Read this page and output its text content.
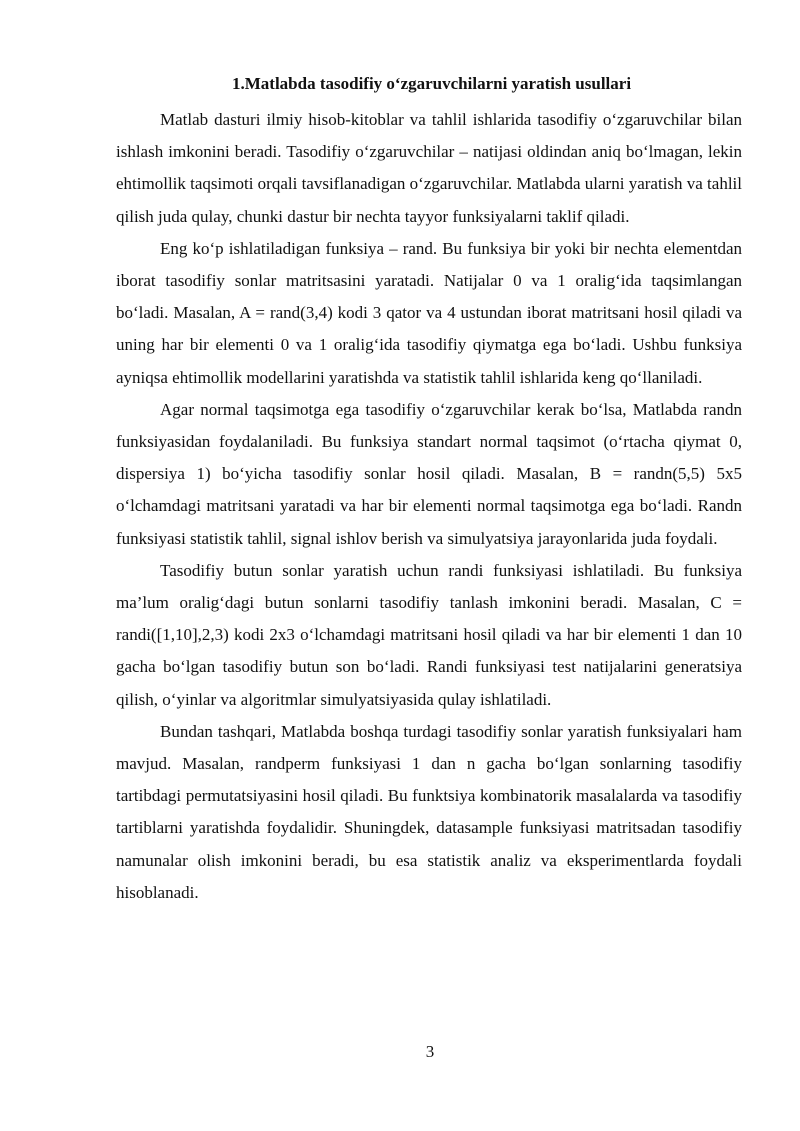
1.Matlabda tasodifiy o‘zgaruvchilarni yaratish usullari

Matlab dasturi ilmiy hisob-kitoblar va tahlil ishlarida tasodifiy o‘zgaruvchilar bilan ishlash imkonini beradi. Tasodifiy o‘zgaruvchilar – natijasi oldindan aniq bo‘lmagan, lekin ehtimollik taqsimoti orqali tavsiflanadigan o‘zgaruvchilar. Matlabda ularni yaratish va tahlil qilish juda qulay, chunki dastur bir nechta tayyor funksiyalarni taklif qiladi.

Eng ko‘p ishlatiladigan funksiya – rand. Bu funksiya bir yoki bir nechta elementdan iborat tasodifiy sonlar matritsasini yaratadi. Natijalar 0 va 1 oralig‘ida taqsimlangan bo‘ladi. Masalan, A = rand(3,4) kodi 3 qator va 4 ustundan iborat matritsani hosil qiladi va uning har bir elementi 0 va 1 oralig‘ida tasodifiy qiymatga ega bo‘ladi. Ushbu funksiya ayniqsa ehtimollik modellarini yaratishda va statistik tahlil ishlarida keng qo‘llaniladi.

Agar normal taqsimotga ega tasodifiy o‘zgaruvchilar kerak bo‘lsa, Matlabda randn funksiyasidan foydalaniladi. Bu funksiya standart normal taqsimot (o‘rtacha qiymat 0, dispersiya 1) bo‘yicha tasodifiy sonlar hosil qiladi. Masalan, B = randn(5,5) 5x5 o‘lchamdagi matritsani yaratadi va har bir elementi normal taqsimotga ega bo‘ladi. Randn funksiyasi statistik tahlil, signal ishlov berish va simulyatsiya jarayonlarida juda foydali.

Tasodifiy butun sonlar yaratish uchun randi funksiyasi ishlatiladi. Bu funksiya ma’lum oralig‘dagi butun sonlarni tasodifiy tanlash imkonini beradi. Masalan, C = randi([1,10],2,3) kodi 2x3 o‘lchamdagi matritsani hosil qiladi va har bir elementi 1 dan 10 gacha bo‘lgan tasodifiy butun son bo‘ladi. Randi funksiyasi test natijalarini generatsiya qilish, o‘yinlar va algoritmlar simulyatsiyasida qulay ishlatiladi.

Bundan tashqari, Matlabda boshqa turdagi tasodifiy sonlar yaratish funksiyalari ham mavjud. Masalan, randperm funksiyasi 1 dan n gacha bo‘lgan sonlarning tasodifiy tartibdagi permutatsiyasini hosil qiladi. Bu funktsiya kombinatorik masalalarda va tasodifiy tartiblarni yaratishda foydalidir. Shuningdek, datasample funksiyasi matritsadan tasodifiy namunalar olish imkonini beradi, bu esa statistik analiz va eksperimentlarda foydali hisoblanadi.

3
